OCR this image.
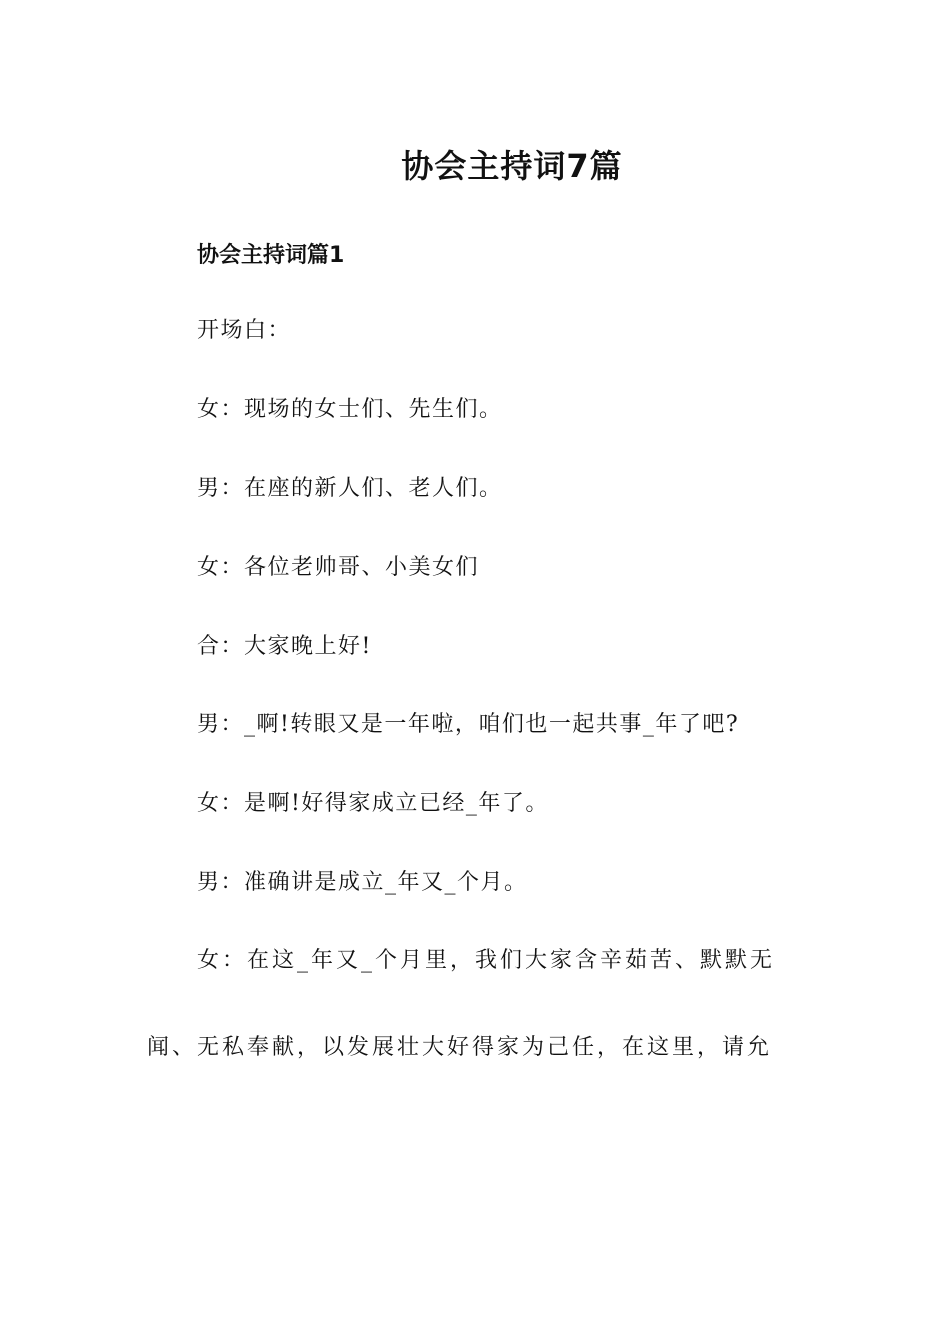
协会主持词7篇
协会主持词篇1
开场白：
女：现场的女士们、先生们。
男：在座的新人们、老人们。
女：各位老帅哥、小美女们
合：大家晚上好!
男：_啊!转眼又是一年啦，咱们也一起共事_年了吧?
女：是啊!好得家成立已经_年了。
男：准确讲是成立_年又_个月。
女：在这_年又_个月里，我们大家含辛茹苦、默默无
闻、无私奉献，以发展壮大好得家为己任，在这里，请允
